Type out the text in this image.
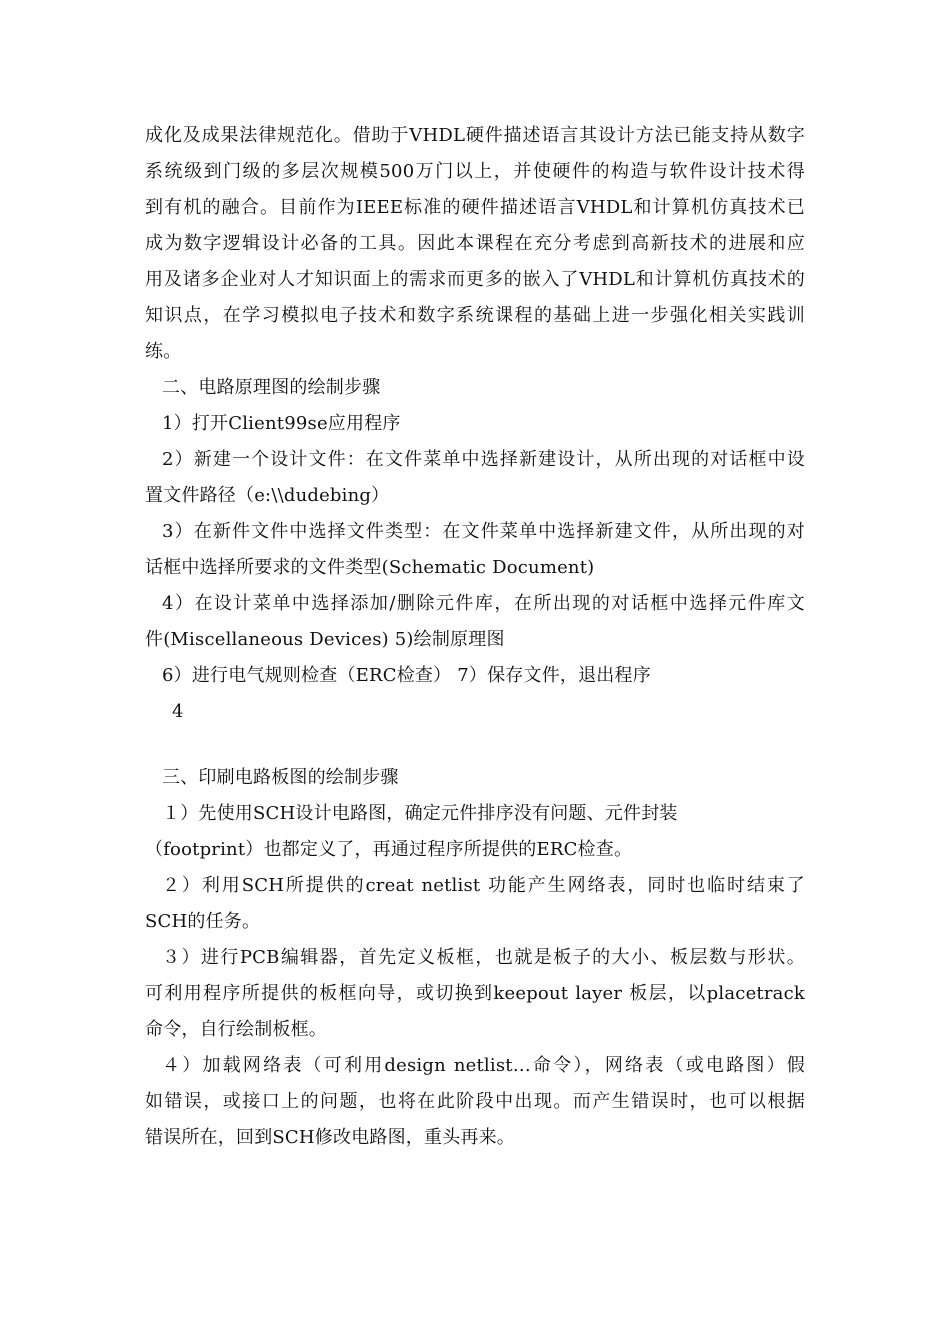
成化及成果法律规范化。借助于VHDL硬件描述语言其设计方法已能支持从数字
系统级到门级的多层次规模500万门以上，并使硬件的构造与软件设计技术得
到有机的融合。目前作为IEEE标准的硬件描述语言VHDL和计算机仿真技术已
成为数字逻辑设计必备的工具。因此本课程在充分考虑到高新技术的进展和应
用及诸多企业对人才知识面上的需求而更多的嵌入了VHDL和计算机仿真技术的
知识点，在学习模拟电子技术和数字系统课程的基础上进一步强化相关实践训
练。
二、电路原理图的绘制步骤
1）打开Client99se应用程序
2）新建一个设计文件：在文件菜单中选择新建设计，从所出现的对话框中设
置文件路径（e:\\dudebing）
3）在新件文件中选择文件类型：在文件菜单中选择新建文件，从所出现的对
话框中选择所要求的文件类型(Schematic Document)
4）在设计菜单中选择添加/删除元件库，在所出现的对话框中选择元件库文
件(Miscellaneous Devices) 5)绘制原理图
6）进行电气规则检查（ERC检查） 7）保存文件，退出程序
4
三、印刷电路板图的绘制步骤
１）先使用SCH设计电路图，确定元件排序没有问题、元件封装
（footprint）也都定义了，再通过程序所提供的ERC检查。
２）利用SCH所提供的creat netlist 功能产生网络表，同时也临时结束了
SCH的任务。
３）进行PCB编辑器，首先定义板框，也就是板子的大小、板层数与形状。
可利用程序所提供的板框向导，或切换到keepout layer 板层，以placetrack
命令，自行绘制板框。
４）加载网络表（可利用design netlist…命令），网络表（或电路图）假
如错误，或接口上的问题，也将在此阶段中出现。而产生错误时，也可以根据
错误所在，回到SCH修改电路图，重头再来。
